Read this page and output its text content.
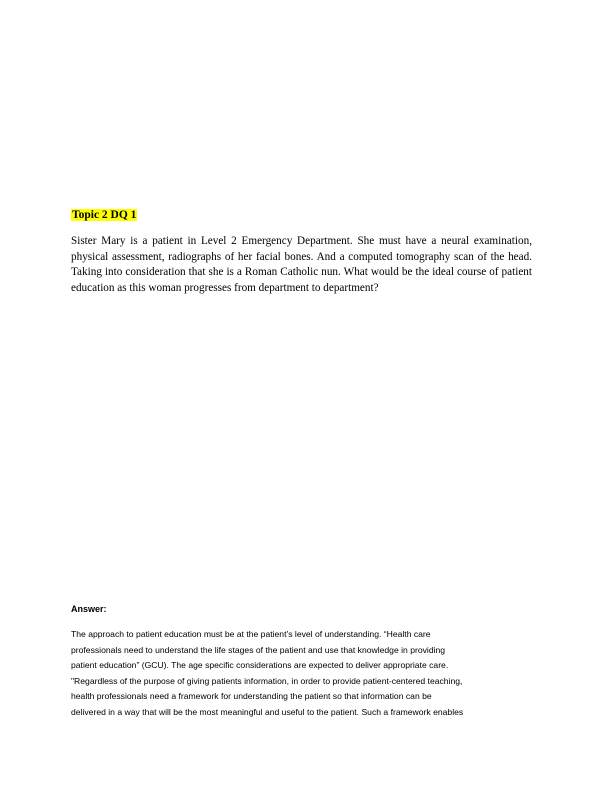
Topic 2 DQ 1

Sister Mary is a patient in Level 2 Emergency Department. She must have a neural examination, physical assessment, radiographs of her facial bones. And a computed tomography scan of the head. Taking into consideration that she is a Roman Catholic nun. What would be the ideal course of patient education as this woman progresses from department to department?

Answer:

The approach to patient education must be at the patient’s level of understanding. “Health care
professionals need to understand the life stages of the patient and use that knowledge in providing
patient education” (GCU). The age specific considerations are expected to deliver appropriate care.
"Regardless of the purpose of giving patients information, in order to provide patient-centered teaching,
health professionals need a framework for understanding the patient so that information can be
delivered in a way that will be the most meaningful and useful to the patient. Such a framework enables
